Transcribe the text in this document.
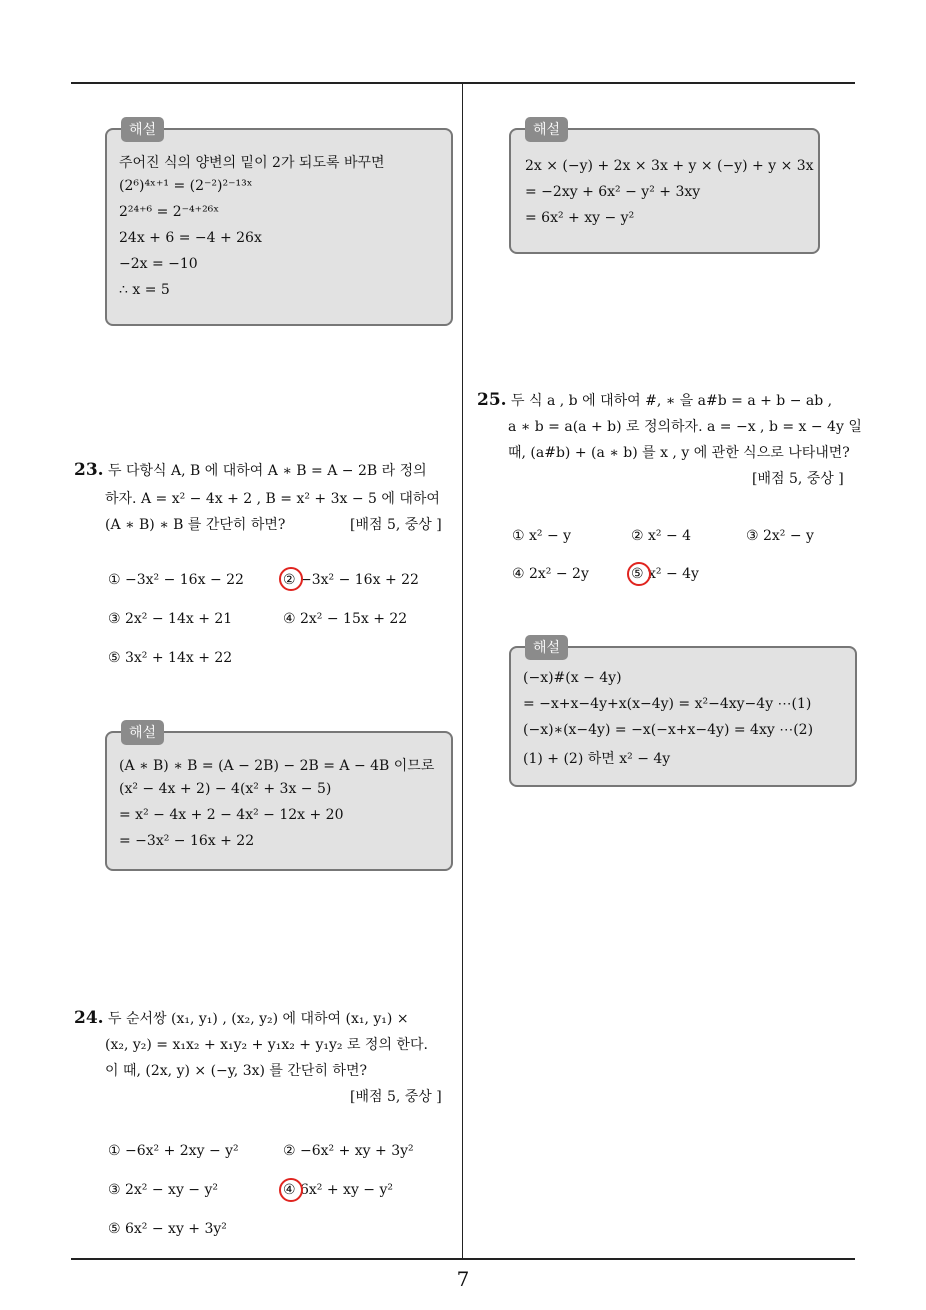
7
해설
주어진 식의 양변의 밑이 2가 되도록 바꾸면
(2⁶)⁴ˣ⁺¹ = (2⁻²)²⁻¹³ˣ
2²⁴⁺⁶ = 2⁻⁴⁺²⁶ˣ
24x + 6 = −4 + 26x
−2x = −10
∴ x = 5
23. 두 다항식 A, B 에 대하여 A ∗ B = A − 2B 라 정의
하자. A = x² − 4x + 2 , B = x² + 3x − 5 에 대하여
(A ∗ B) ∗ B 를 간단히 하면?	[배점 5, 중상 ]
① −3x² − 16x − 22	② −3x² − 16x + 22
③ 2x² − 14x + 21	④ 2x² − 15x + 22
⑤ 3x² + 14x + 22
해설
(A ∗ B) ∗ B = (A − 2B) − 2B = A − 4B 이므로
(x² − 4x + 2) − 4(x² + 3x − 5)
= x² − 4x + 2 − 4x² − 12x + 20
= −3x² − 16x + 22
24. 두 순서쌍 (x₁, y₁) , (x₂, y₂) 에 대하여 (x₁, y₁) ×
(x₂, y₂) = x₁x₂ + x₁y₂ + y₁x₂ + y₁y₂ 로 정의 한다.
이 때, (2x, y) × (−y, 3x) 를 간단히 하면?
[배점 5, 중상 ]
① −6x² + 2xy − y²	② −6x² + xy + 3y²
③ 2x² − xy − y²	④ 6x² + xy − y²
⑤ 6x² − xy + 3y²
해설
2x × (−y) + 2x × 3x + y × (−y) + y × 3x
= −2xy + 6x² − y² + 3xy
= 6x² + xy − y²
25. 두 식 a , b 에 대하여 #, ∗ 을 a#b = a + b − ab ,
a ∗ b = a(a + b) 로 정의하자. a = −x , b = x − 4y 일
때, (a#b) + (a ∗ b) 를 x , y 에 관한 식으로 나타내면?
[배점 5, 중상 ]
① x² − y	② x² − 4	③ 2x² − y
④ 2x² − 2y	⑤ x² − 4y
해설
(−x)#(x − 4y)
= −x+x−4y+x(x−4y) = x²−4xy−4y ⋯(1)
(−x)∗(x−4y) = −x(−x+x−4y) = 4xy ⋯(2)
(1) + (2) 하면 x² − 4y
